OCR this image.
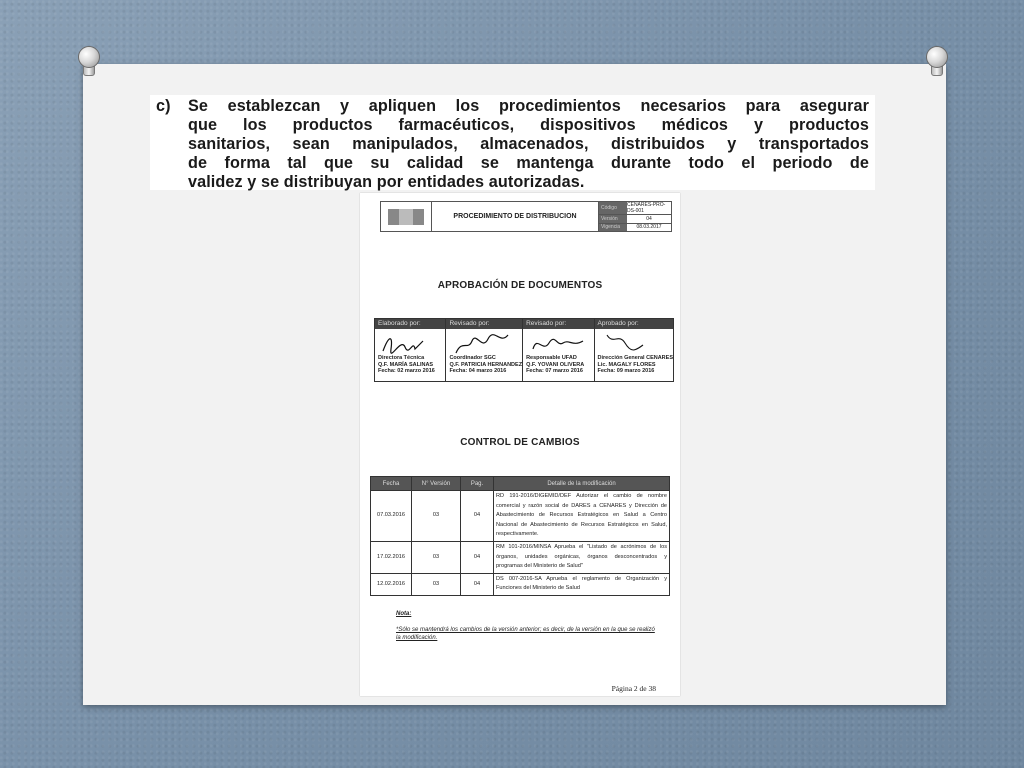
c)	Se establezcan y apliquen los procedimientos necesarios para asegurar
que los productos farmacéuticos, dispositivos médicos y productos
sanitarios, sean manipulados, almacenados, distribuidos y transportados
de forma tal que su calidad se mantenga durante todo el periodo de
validez y se distribuyan por entidades autorizadas.
PROCEDIMIENTO DE DISTRIBUCION
Código	CENARES-PRO-DS-001
Versión	04
Vigencia	08.03.2017
APROBACIÓN DE DOCUMENTOS
Elaborado por:
Directora Técnica
Q.F. MARÍA SALINAS
Fecha: 02 marzo 2016
Revisado por:
Coordinador SGC
Q.F. PATRICIA HERNANDEZ
Fecha: 04 marzo 2016
Revisado por:
Responsable UFAD
Q.F. YOVANI OLIVERA
Fecha: 07 marzo 2016
Aprobado por:
Dirección General CENARES
Lic. MAGALY FLORES
Fecha: 09 marzo 2016
CONTROL DE CAMBIOS
Fecha	N° Versión	Pag.	Detalle de la modificación
07.03.2016	03	04	RD 191-2016/DIGEMID/DEF Autorizar el cambio de nombre comercial y razón social de DARES a CENARES y Dirección de Abastecimiento de Recursos Estratégicos en Salud a Centro Nacional de Abastecimiento de Recursos Estratégicos en Salud, respectivamente.
17.02.2016	03	04	RM 101-2016/MINSA Aprueba el "Listado de acrónimos de los órganos, unidades orgánicas, órganos desconcentrados y programas del Ministerio de Salud"
12.02.2016	03	04	DS 007-2016-SA Aprueba el reglamento de Organización y Funciones del Ministerio de Salud
Nota:
*Sólo se mantendrá los cambios de la versión anterior; es decir, de la versión en la que se realizó la modificación.
Página 2 de 38
